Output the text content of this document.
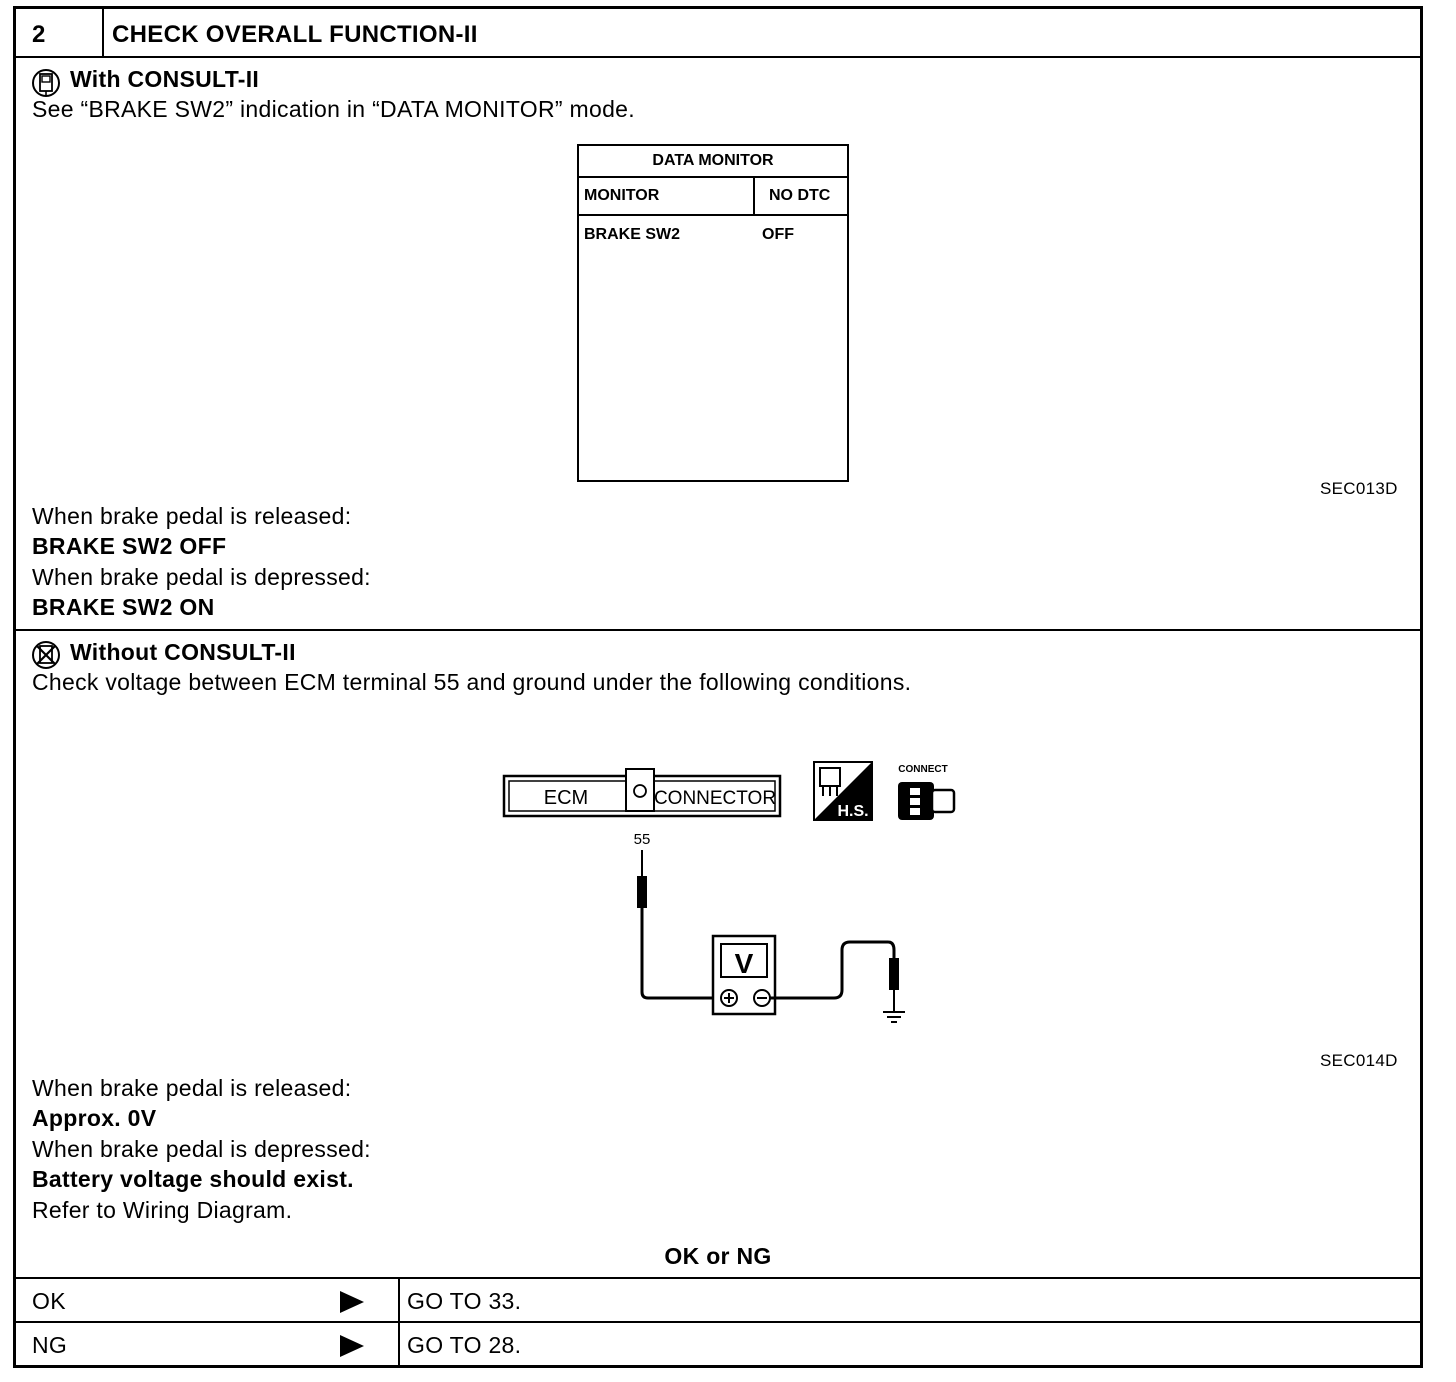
2	CHECK OVERALL FUNCTION-II
With CONSULT-II
See “BRAKE SW2” indication in “DATA MONITOR” mode.
DATA MONITOR
MONITOR	NO DTC
BRAKE SW2	OFF
SEC013D
When brake pedal is released:
BRAKE SW2 OFF
When brake pedal is depressed:
BRAKE SW2 ON
Without CONSULT-II
Check voltage between ECM terminal 55 and ground under the following conditions.
ECM	CONNECTOR
55
V
H.S.
CONNECT
SEC014D
When brake pedal is released:
Approx. 0V
When brake pedal is depressed:
Battery voltage should exist.
Refer to Wiring Diagram.
OK or NG
OK	GO TO 33.
NG	GO TO 28.
